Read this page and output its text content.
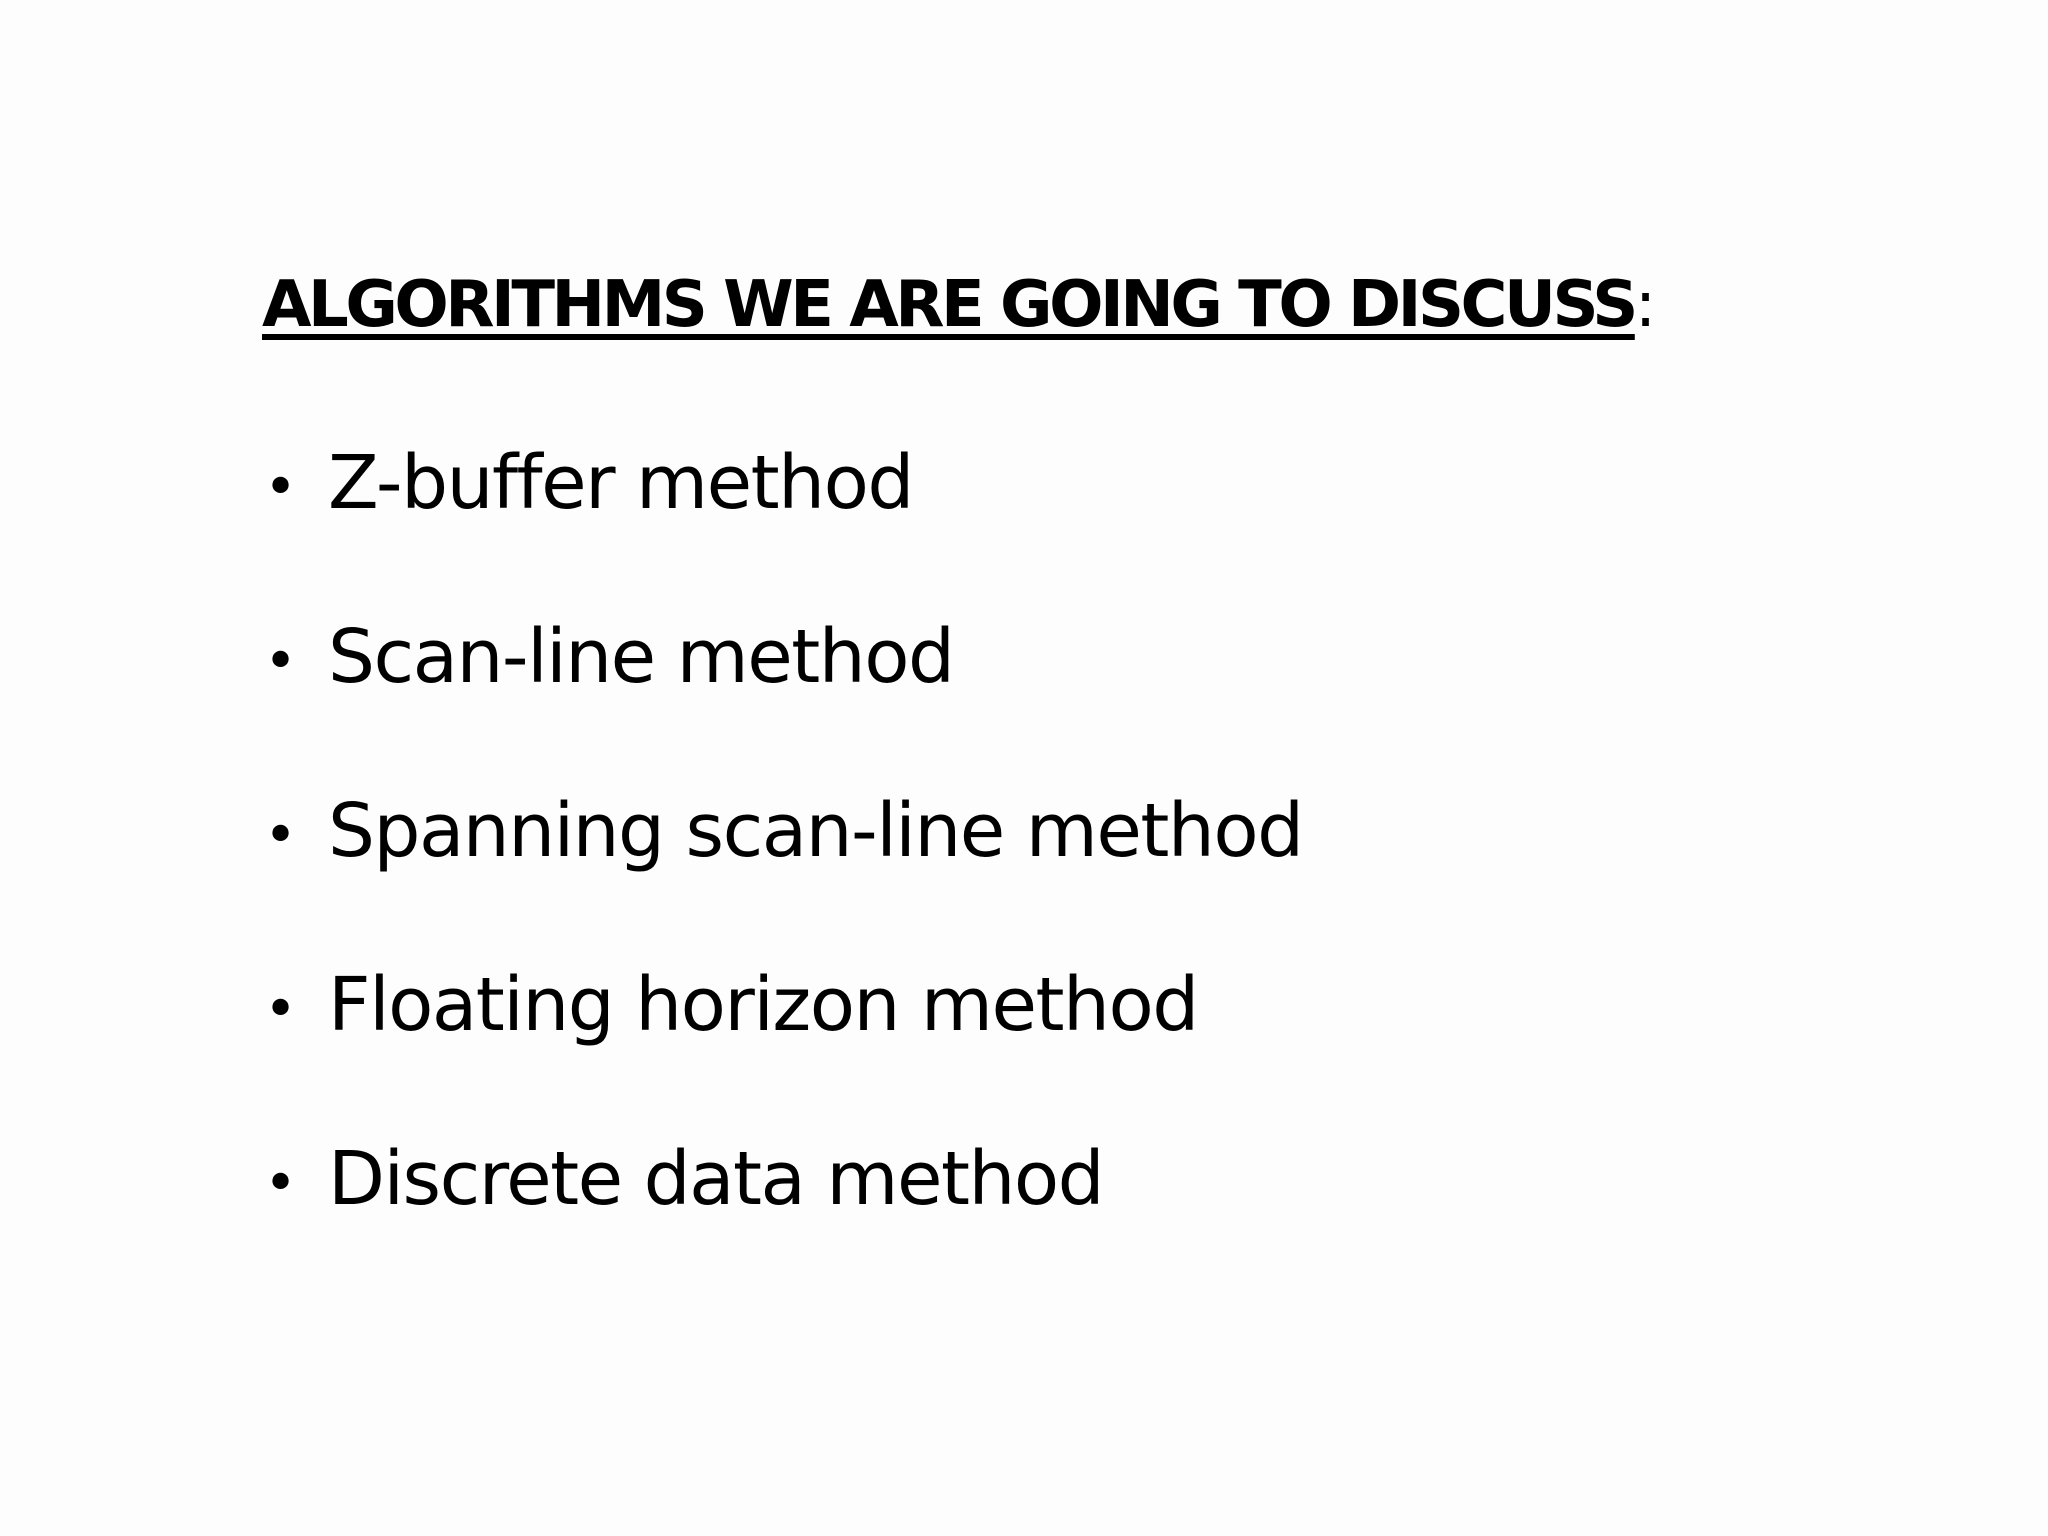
ALGORITHMS WE ARE GOING TO DISCUSS:
• Z-buffer method
• Scan-line method
• Spanning scan-line method
• Floating horizon method
• Discrete data method
